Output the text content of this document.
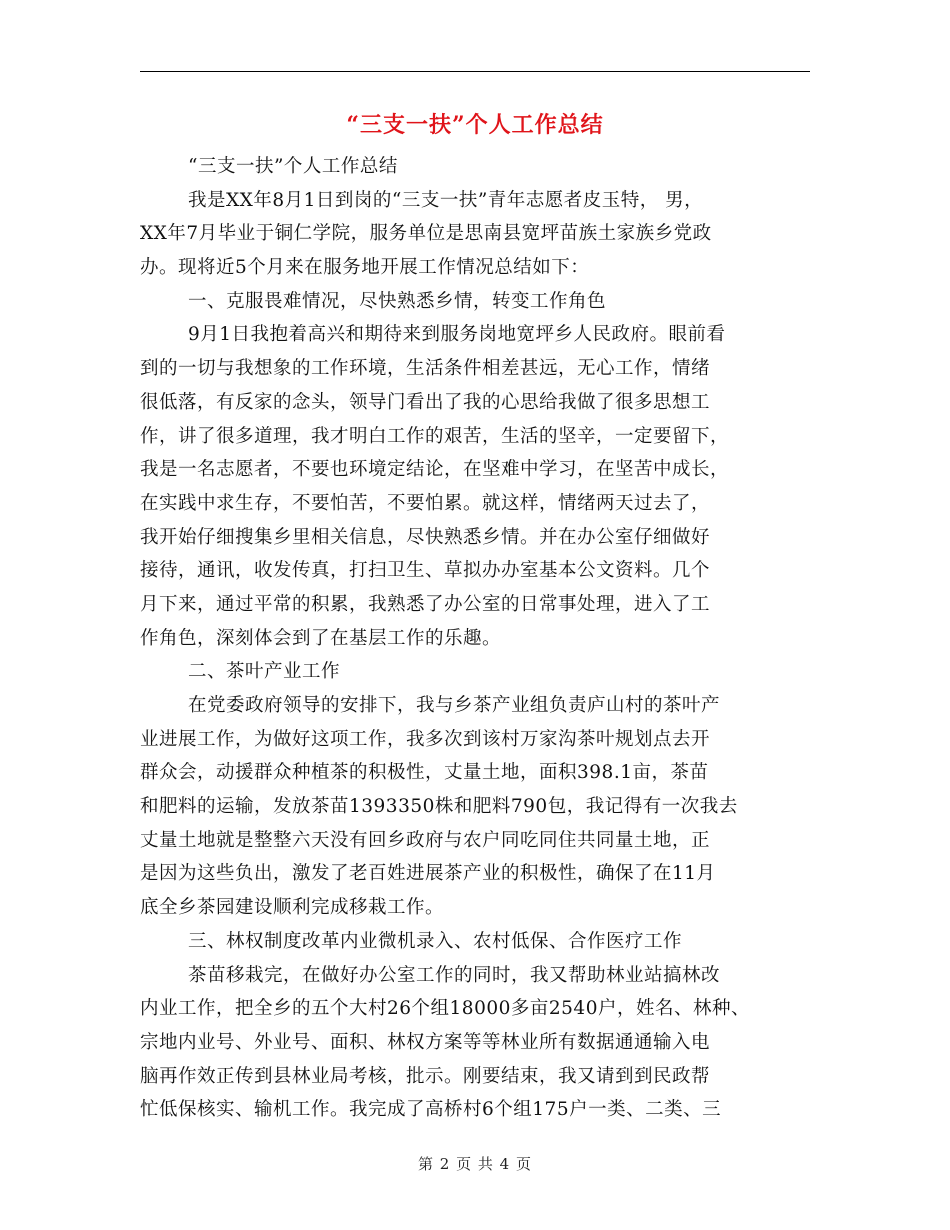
“三支一扶”个人工作总结
“三支一扶”个人工作总结
我是XX年8月1日到岗的“三支一扶”青年志愿者皮玉特， 男，
XX年7月毕业于铜仁学院，服务单位是思南县宽坪苗族土家族乡党政
办。现将近5个月来在服务地开展工作情况总结如下：
一、克服畏难情况，尽快熟悉乡情，转变工作角色
9月1日我抱着高兴和期待来到服务岗地宽坪乡人民政府。眼前看
到的一切与我想象的工作环境，生活条件相差甚远，无心工作，情绪
很低落，有反家的念头，领导门看出了我的心思给我做了很多思想工
作，讲了很多道理，我才明白工作的艰苦，生活的坚辛，一定要留下，
我是一名志愿者，不要也环境定结论，在坚难中学习，在坚苦中成长，
在实践中求生存，不要怕苦，不要怕累。就这样，情绪两天过去了，
我开始仔细搜集乡里相关信息，尽快熟悉乡情。并在办公室仔细做好
接待，通讯，收发传真，打扫卫生、草拟办办室基本公文资料。几个
月下来，通过平常的积累，我熟悉了办公室的日常事处理，进入了工
作角色，深刻体会到了在基层工作的乐趣。
二、茶叶产业工作
在党委政府领导的安排下，我与乡茶产业组负责庐山村的茶叶产
业进展工作，为做好这项工作，我多次到该村万家沟茶叶规划点去开
群众会，动援群众种植茶的积极性，丈量土地，面积398.1亩，茶苗
和肥料的运输，发放茶苗1393350株和肥料790包，我记得有一次我去
丈量土地就是整整六天没有回乡政府与农户同吃同住共同量土地，正
是因为这些负出，激发了老百姓进展茶产业的积极性，确保了在11月
底全乡茶园建设顺利完成移栽工作。
三、林权制度改革内业微机录入、农村低保、合作医疗工作
茶苗移栽完，在做好办公室工作的同时，我又帮助林业站搞林改
内业工作，把全乡的五个大村26个组18000多亩2540户，姓名、林种、
宗地内业号、外业号、面积、林权方案等等林业所有数据通通输入电
脑再作效正传到县林业局考核，批示。刚要结束，我又请到到民政帮
忙低保核实、输机工作。我完成了高桥村6个组175户一类、二类、三
第 2 页 共 4 页
